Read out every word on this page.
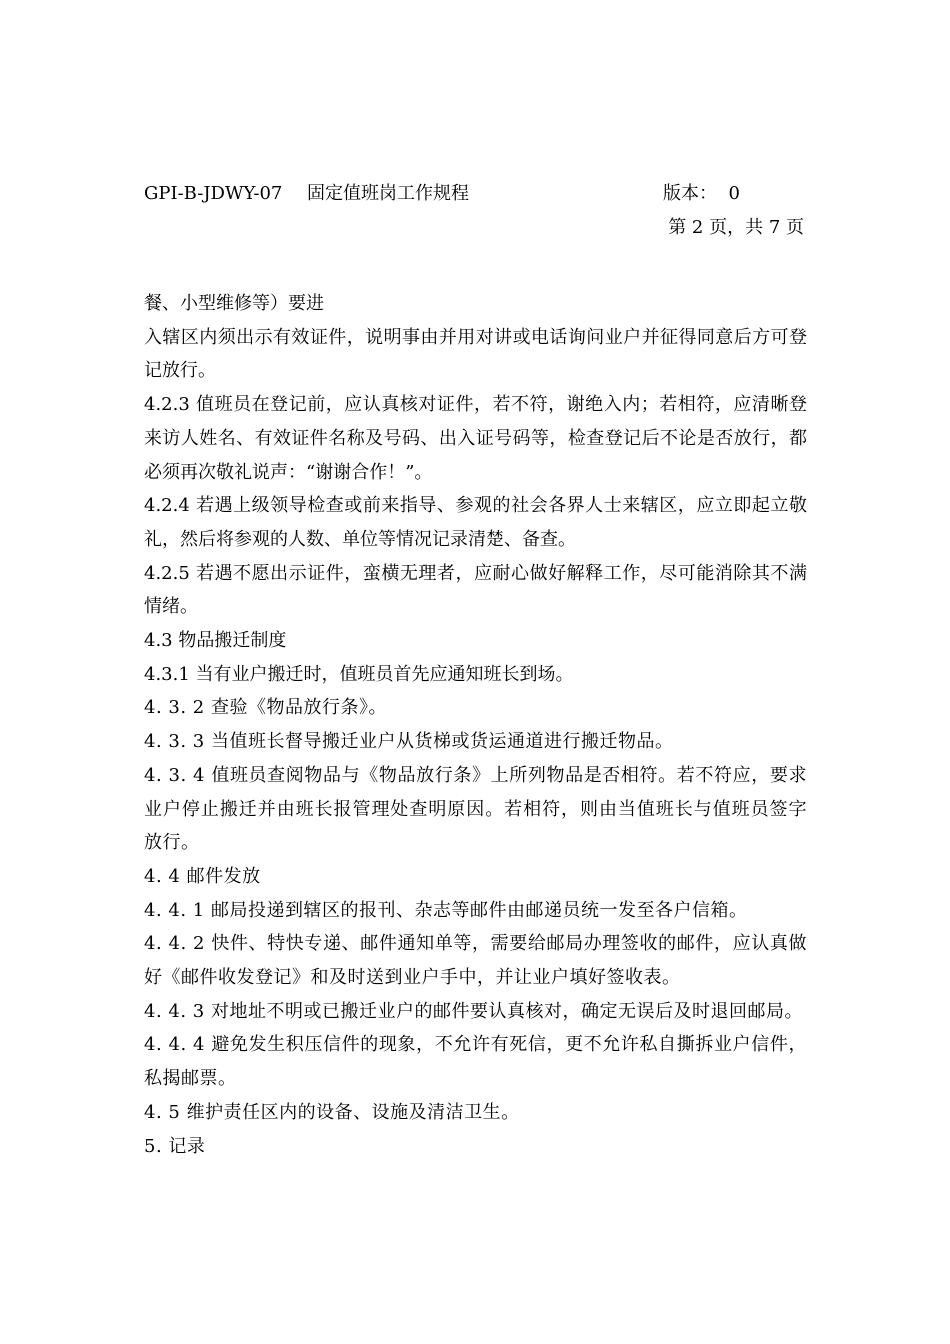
GPI-B-JDWY-07 固定值班岗工作规程	版本：  0
第 2 页，共 7 页

餐、小型维修等）要进

入辖区内须出示有效证件，说明事由并用对讲或电话询问业户并征得同意后方可登记放行。

4.2.3 值班员在登记前，应认真核对证件，若不符，谢绝入内；若相符，应清晰登来访人姓名、有效证件名称及号码、出入证号码等，检查登记后不论是否放行，都必须再次敬礼说声：“谢谢合作！”。

4.2.4 若遇上级领导检查或前来指导、参观的社会各界人士来辖区，应立即起立敬礼，然后将参观的人数、单位等情况记录清楚、备查。

4.2.5 若遇不愿出示证件，蛮横无理者，应耐心做好解释工作，尽可能消除其不满情绪。

4.3 物品搬迁制度

4.3.1 当有业户搬迁时，值班员首先应通知班长到场。

4. 3. 2 查验《物品放行条》。

4. 3. 3 当值班长督导搬迁业户从货梯或货运通道进行搬迁物品。

4. 3. 4 值班员查阅物品与《物品放行条》上所列物品是否相符。若不符应，要求业户停止搬迁并由班长报管理处查明原因。若相符，则由当值班长与值班员签字放行。

4. 4 邮件发放

4. 4. 1 邮局投递到辖区的报刊、杂志等邮件由邮递员统一发至各户信箱。

4. 4. 2 快件、特快专递、邮件通知单等，需要给邮局办理签收的邮件，应认真做好《邮件收发登记》和及时送到业户手中，并让业户填好签收表。

4. 4. 3 对地址不明或已搬迁业户的邮件要认真核对，确定无误后及时退回邮局。

4. 4. 4 避免发生积压信件的现象，不允许有死信，更不允许私自撕拆业户信件，私揭邮票。

4. 5 维护责任区内的设备、设施及清洁卫生。

5. 记录
